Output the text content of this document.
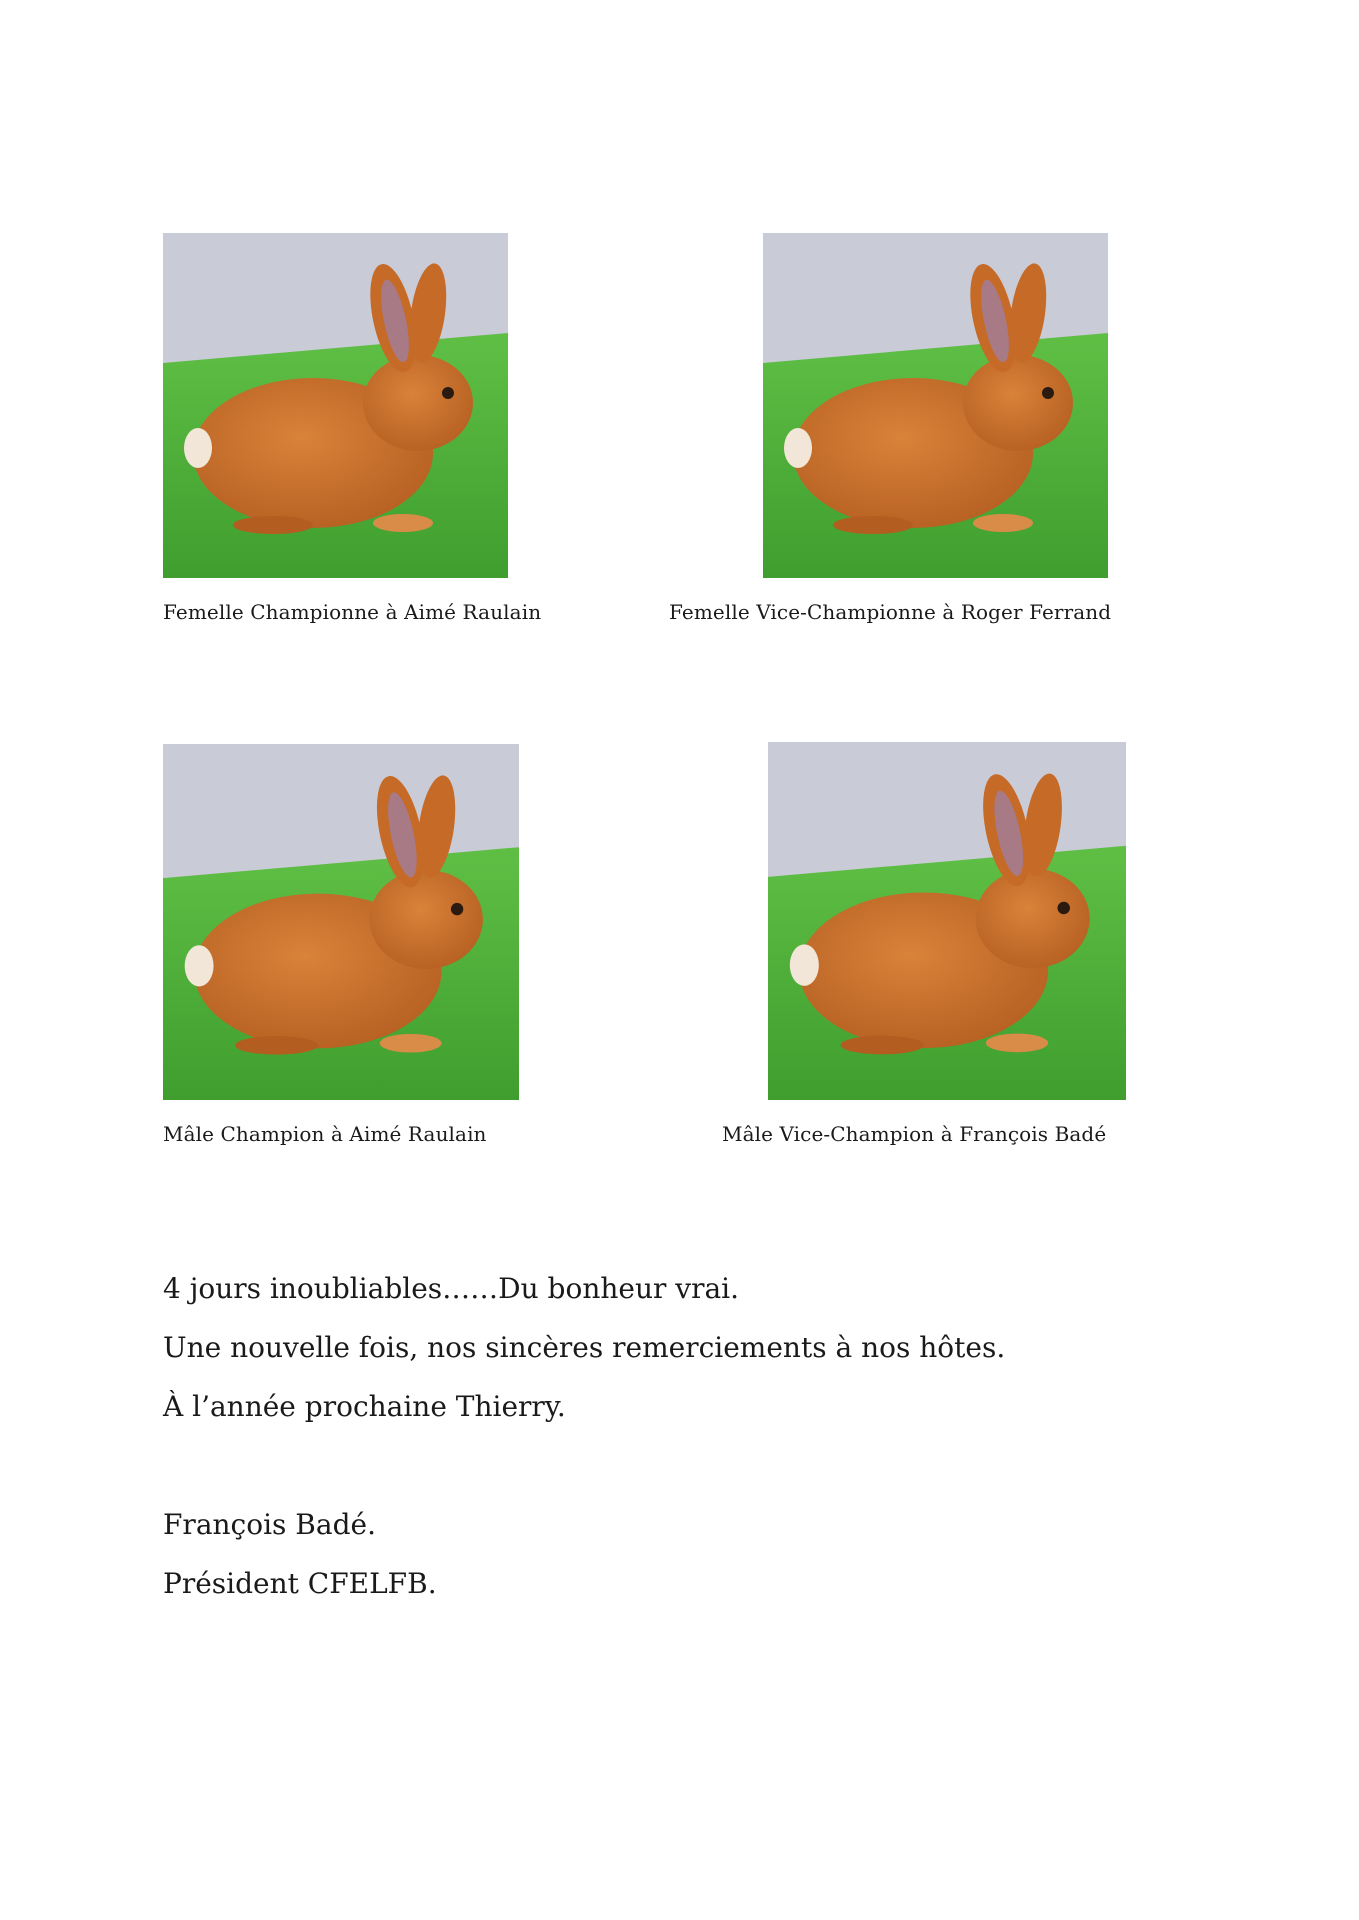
Femelle Championne à Aimé Raulain	Femelle Vice-Championne à Roger Ferrand
Mâle Champion à Aimé Raulain	Mâle Vice-Champion à François Badé
4 jours inoubliables……Du bonheur vrai.
Une nouvelle fois, nos sincères remerciements à nos hôtes.
À l’année prochaine Thierry.
François Badé.
Président CFELFB.
